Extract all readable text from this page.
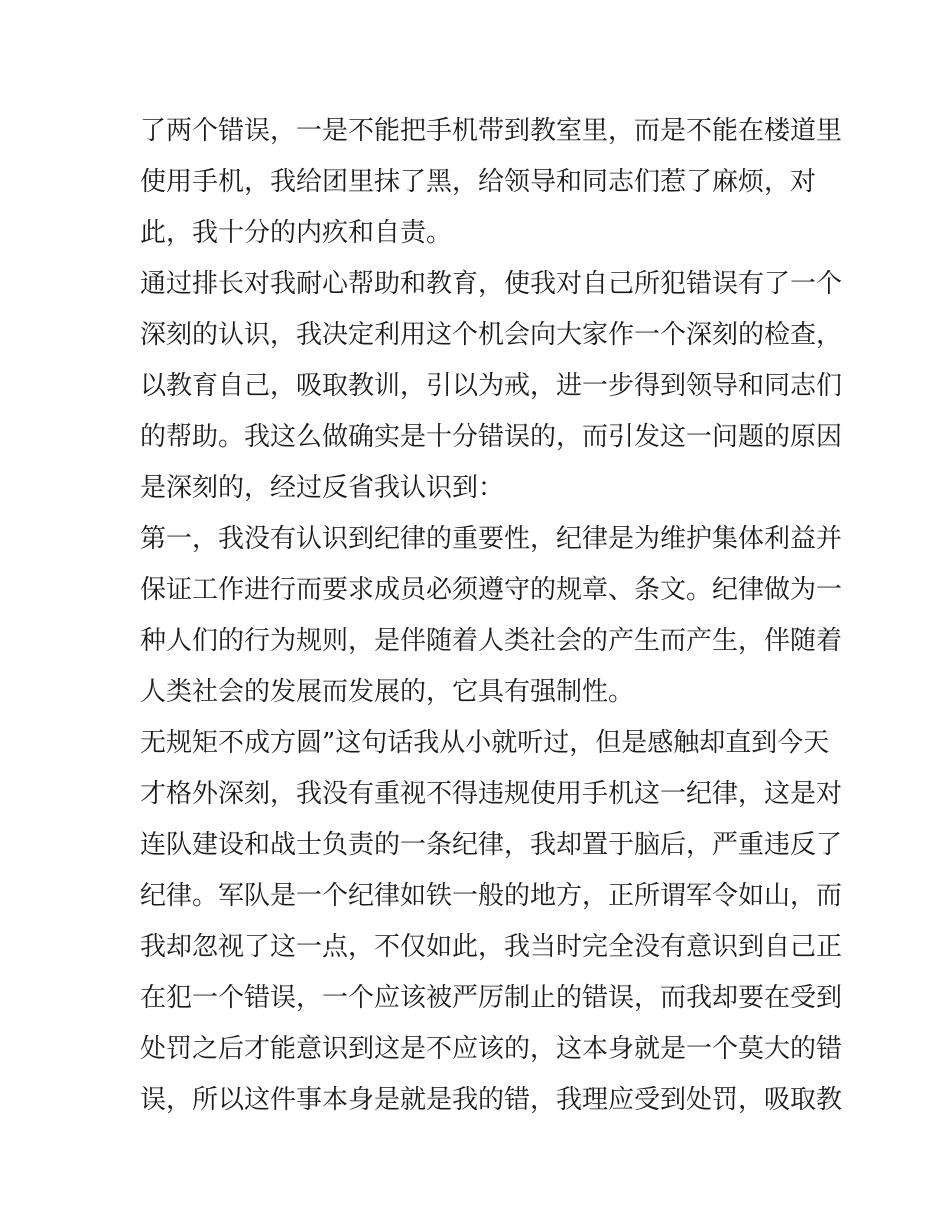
了两个错误，一是不能把手机带到教室里，而是不能在楼道里
使用手机，我给团里抹了黑，给领导和同志们惹了麻烦，对
此，我十分的内疚和自责。
通过排长对我耐心帮助和教育，使我对自己所犯错误有了一个
深刻的认识，我决定利用这个机会向大家作一个深刻的检查，
以教育自己，吸取教训，引以为戒，进一步得到领导和同志们
的帮助。我这么做确实是十分错误的，而引发这一问题的原因
是深刻的，经过反省我认识到：
第一，我没有认识到纪律的重要性，纪律是为维护集体利益并
保证工作进行而要求成员必须遵守的规章、条文。纪律做为一
种人们的行为规则，是伴随着人类社会的产生而产生，伴随着
人类社会的发展而发展的，它具有强制性。
无规矩不成方圆”这句话我从小就听过，但是感触却直到今天
才格外深刻，我没有重视不得违规使用手机这一纪律，这是对
连队建设和战士负责的一条纪律，我却置于脑后，严重违反了
纪律。军队是一个纪律如铁一般的地方，正所谓军令如山，而
我却忽视了这一点，不仅如此，我当时完全没有意识到自己正
在犯一个错误，一个应该被严厉制止的错误，而我却要在受到
处罚之后才能意识到这是不应该的，这本身就是一个莫大的错
误，所以这件事本身是就是我的错，我理应受到处罚，吸取教
